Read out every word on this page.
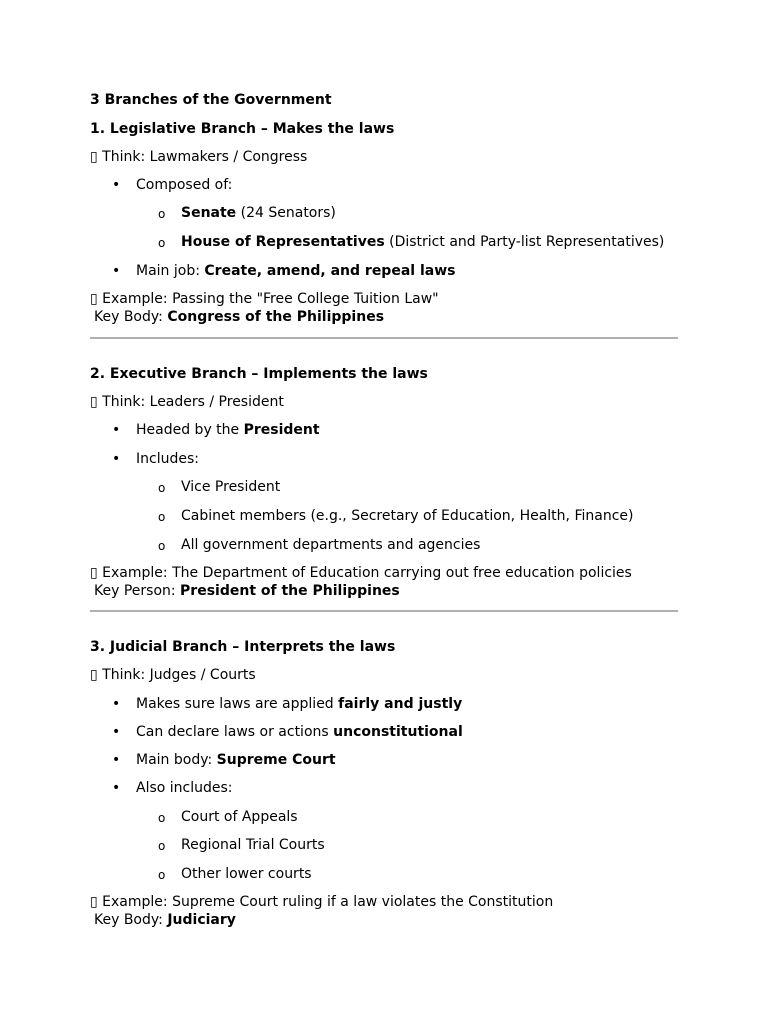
3 Branches of the Government
1. Legislative Branch – Makes the laws
▯ Think: Lawmakers / Congress
• Composed of:
o Senate (24 Senators)
o House of Representatives (District and Party-list Representatives)
• Main job: Create, amend, and repeal laws
▯ Example: Passing the "Free College Tuition Law"
Key Body: Congress of the Philippines
2. Executive Branch – Implements the laws
▯ Think: Leaders / President
• Headed by the President
• Includes:
o Vice President
o Cabinet members (e.g., Secretary of Education, Health, Finance)
o All government departments and agencies
▯ Example: The Department of Education carrying out free education policies
Key Person: President of the Philippines
3. Judicial Branch – Interprets the laws
▯ Think: Judges / Courts
• Makes sure laws are applied fairly and justly
• Can declare laws or actions unconstitutional
• Main body: Supreme Court
• Also includes:
o Court of Appeals
o Regional Trial Courts
o Other lower courts
▯ Example: Supreme Court ruling if a law violates the Constitution
Key Body: Judiciary
